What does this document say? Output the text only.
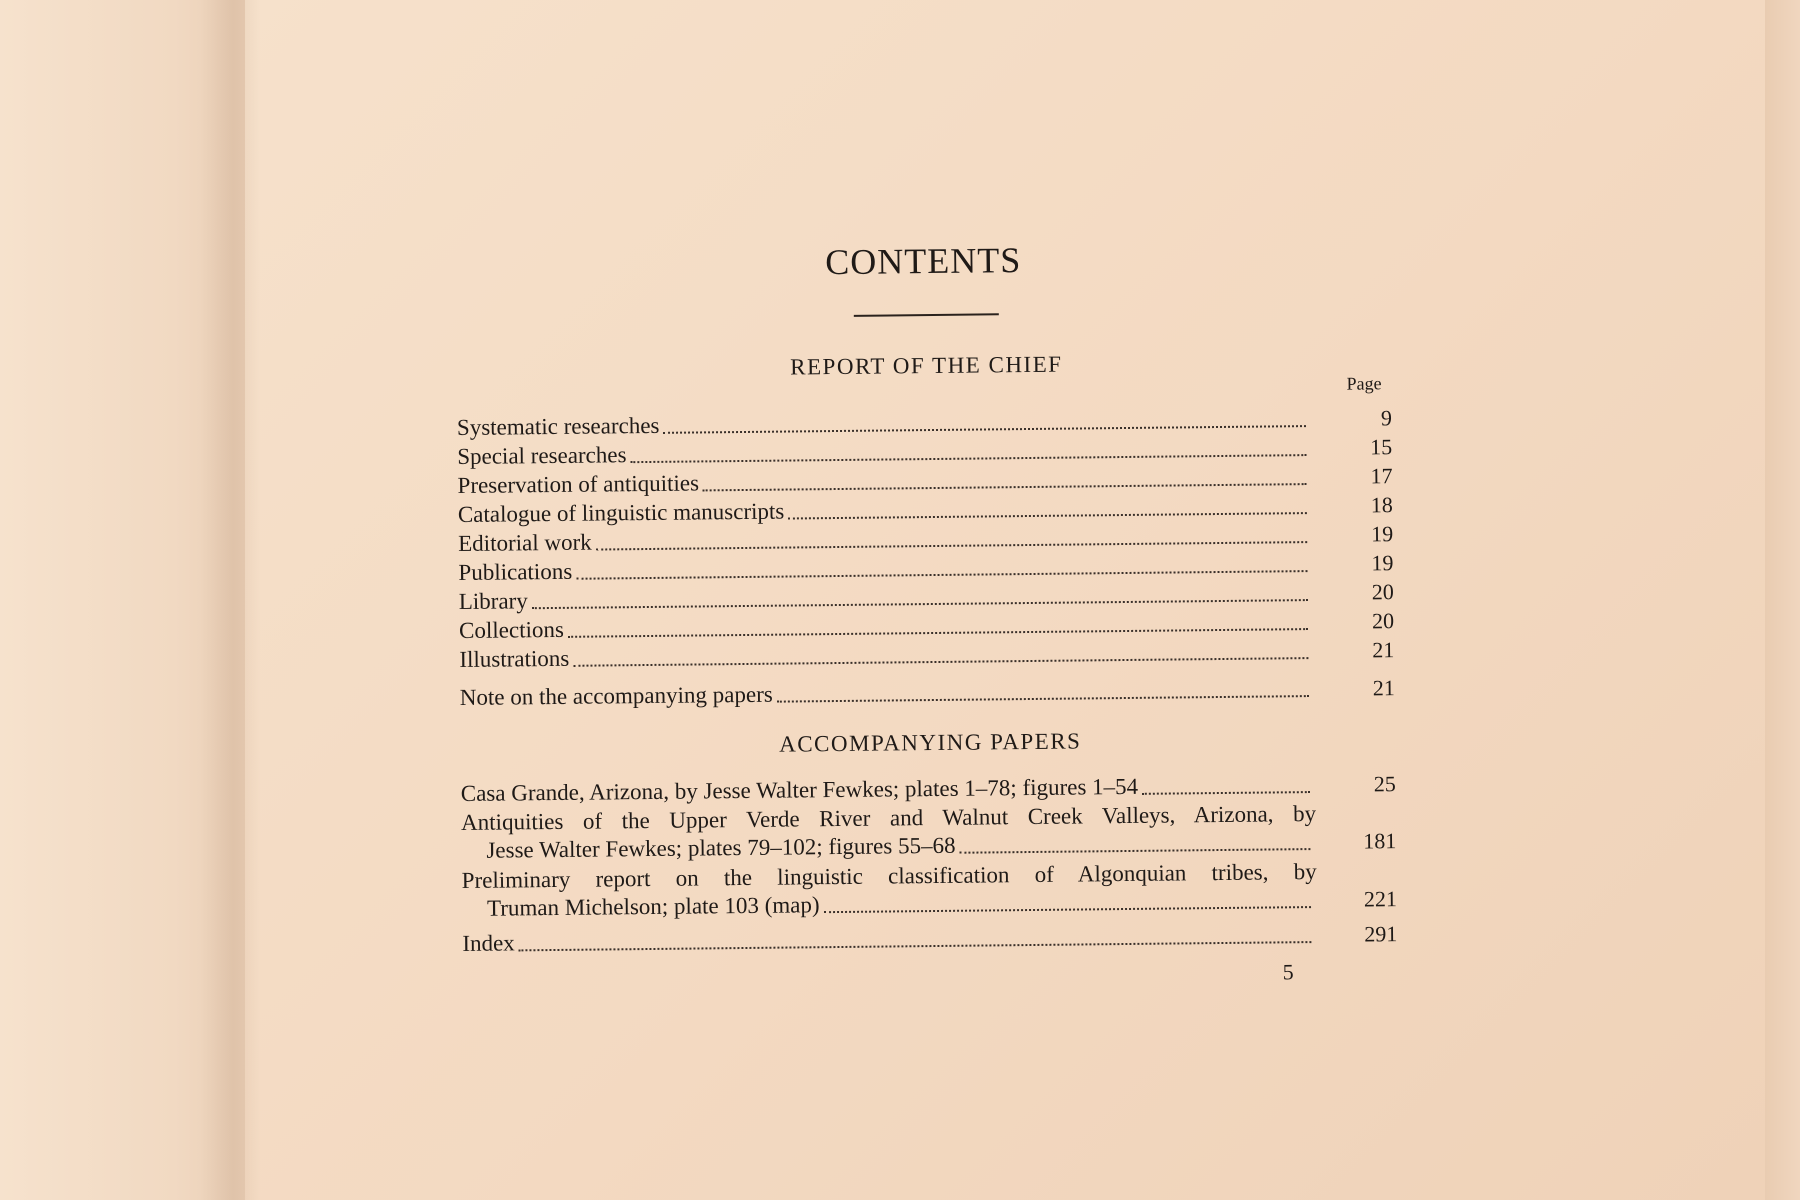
CONTENTS
REPORT OF THE CHIEF
Page
Systematic researches	9
Special researches	15
Preservation of antiquities	17
Catalogue of linguistic manuscripts	18
Editorial work	19
Publications	19
Library	20
Collections	20
Illustrations	21
Note on the accompanying papers	21
ACCOMPANYING PAPERS
Casa Grande, Arizona, by Jesse Walter Fewkes; plates 1–78; figures 1–54	25
Antiquities of the Upper Verde River and Walnut Creek Valleys, Arizona, by
Jesse Walter Fewkes; plates 79–102; figures 55–68	181
Preliminary report on the linguistic classification of Algonquian tribes, by
Truman Michelson; plate 103 (map)	221
Index	291
5
